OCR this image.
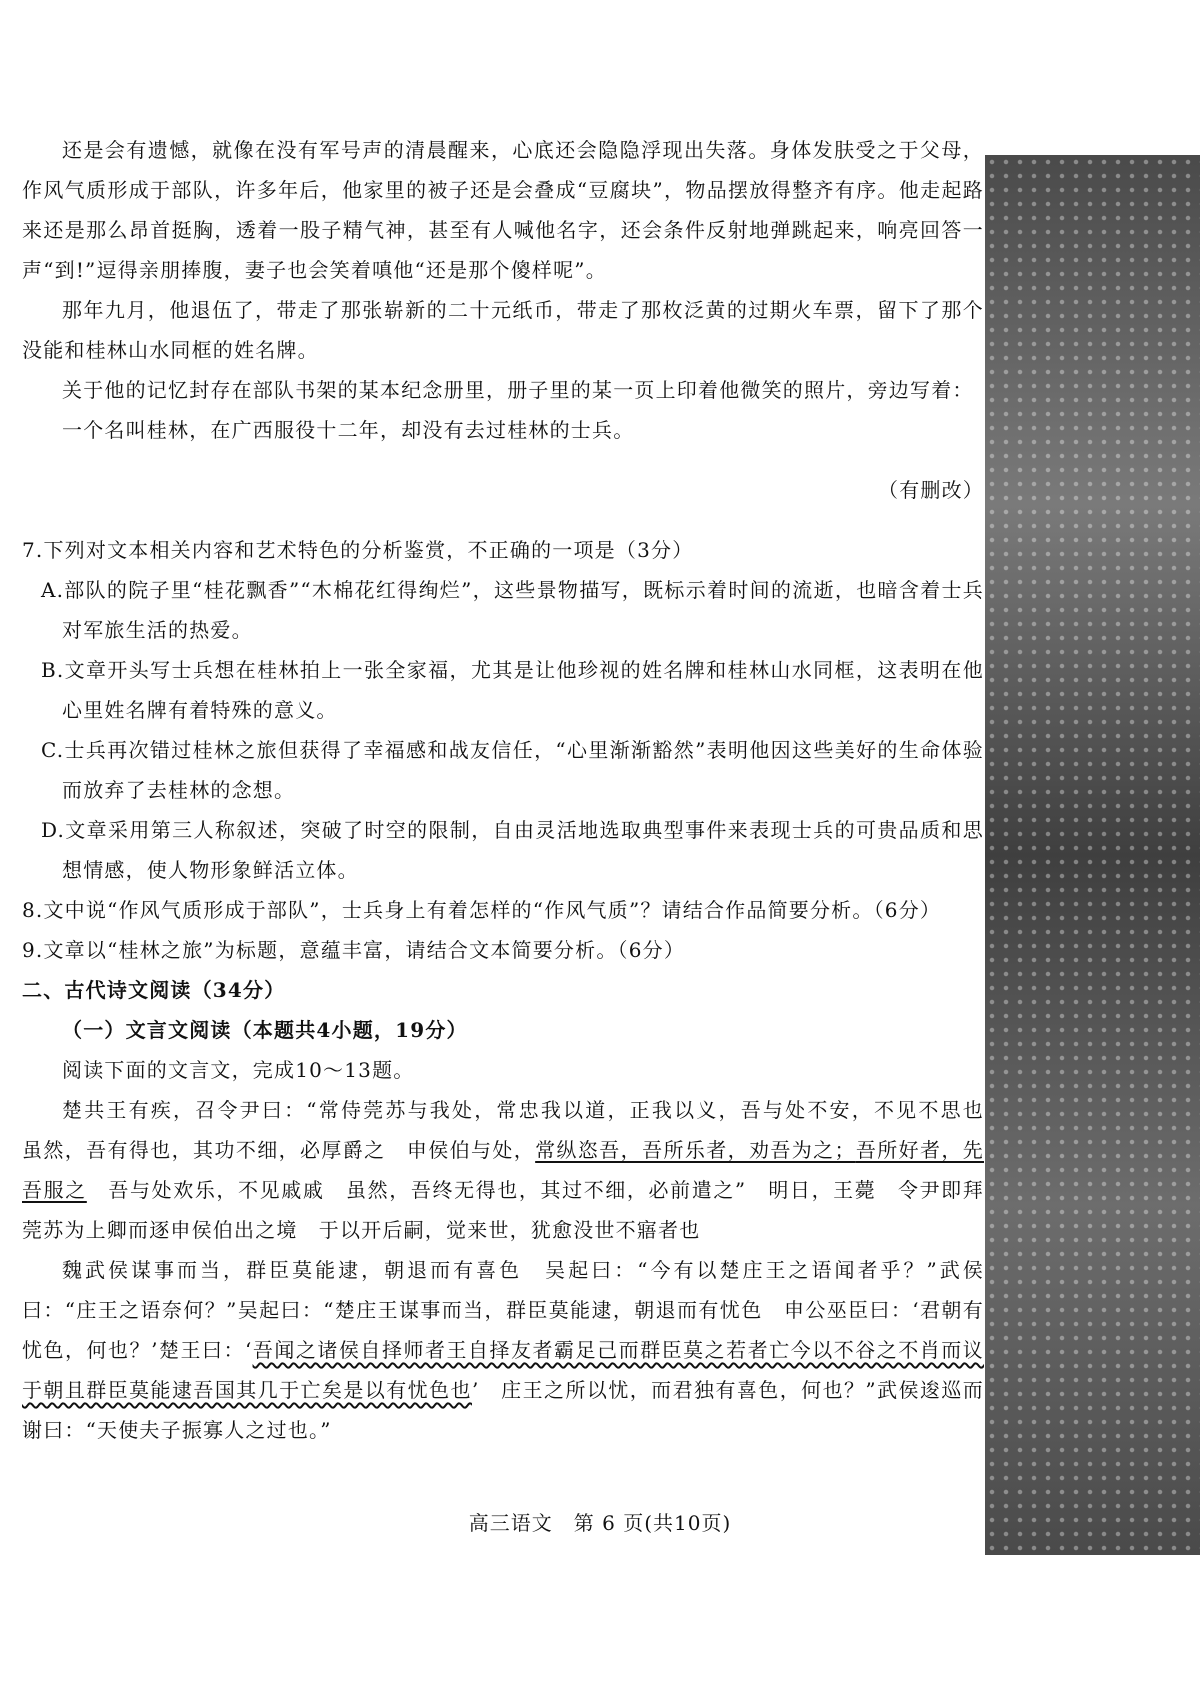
还是会有遗憾，就像在没有军号声的清晨醒来，心底还会隐隐浮现出失落。身体发肤受之于父母，作风气质形成于部队，许多年后，他家里的被子还是会叠成“豆腐块”，物品摆放得整齐有序。他走起路来还是那么昂首挺胸，透着一股子精气神，甚至有人喊他名字，还会条件反射地弹跳起来，响亮回答一声“到!”逗得亲朋捧腹，妻子也会笑着嗔他“还是那个傻样呢”。

那年九月，他退伍了，带走了那张崭新的二十元纸币，带走了那枚泛黄的过期火车票，留下了那个没能和桂林山水同框的姓名牌。

关于他的记忆封存在部队书架的某本纪念册里，册子里的某一页上印着他微笑的照片，旁边写着：

一个名叫桂林，在广西服役十二年，却没有去过桂林的士兵。

（有删改）

7.下列对文本相关内容和艺术特色的分析鉴赏，不正确的一项是（3分）

A.部队的院子里“桂花飘香”“木棉花红得绚烂”，这些景物描写，既标示着时间的流逝，也暗含着士兵对军旅生活的热爱。

B.文章开头写士兵想在桂林拍上一张全家福，尤其是让他珍视的姓名牌和桂林山水同框，这表明在他心里姓名牌有着特殊的意义。

C.士兵再次错过桂林之旅但获得了幸福感和战友信任，“心里渐渐豁然”表明他因这些美好的生命体验而放弃了去桂林的念想。

D.文章采用第三人称叙述，突破了时空的限制，自由灵活地选取典型事件来表现士兵的可贵品质和思想情感，使人物形象鲜活立体。

8.文中说“作风气质形成于部队”，士兵身上有着怎样的“作风气质”？请结合作品简要分析。（6分）

9.文章以“桂林之旅”为标题，意蕴丰富，请结合文本简要分析。（6分）

二、古代诗文阅读（34分）

（一）文言文阅读（本题共4小题，19分）

阅读下面的文言文，完成10～13题。

楚共王有疾，召令尹曰：“常侍莞苏与我处，常忠我以道，正我以义，吾与处不安，不见不思也　虽然，吾有得也，其功不细，必厚爵之　申侯伯与处，常纵恣吾，吾所乐者，劝吾为之；吾所好者，先吾服之　吾与处欢乐，不见戚戚　虽然，吾终无得也，其过不细，必前遣之”　明日，王薨　令尹即拜莞苏为上卿而逐申侯伯出之境　于以开后嗣，觉来世，犹愈没世不寤者也

魏武侯谋事而当，群臣莫能逮，朝退而有喜色　吴起曰：“今有以楚庄王之语闻者乎？”武侯曰：“庄王之语奈何？”吴起曰：“楚庄王谋事而当，群臣莫能逮，朝退而有忧色　申公巫臣曰：‘君朝有忧色，何也？’楚王曰：‘吾闻之诸侯自择师者王自择友者霸足己而群臣莫之若者亡今以不谷之不肖而议于朝且群臣莫能逮吾国其几于亡矣是以有忧色也’　庄王之所以忧，而君独有喜色，何也？”武侯逡巡而谢曰：“天使夫子振寡人之过也。”

高三语文　第 6 页(共10页)
